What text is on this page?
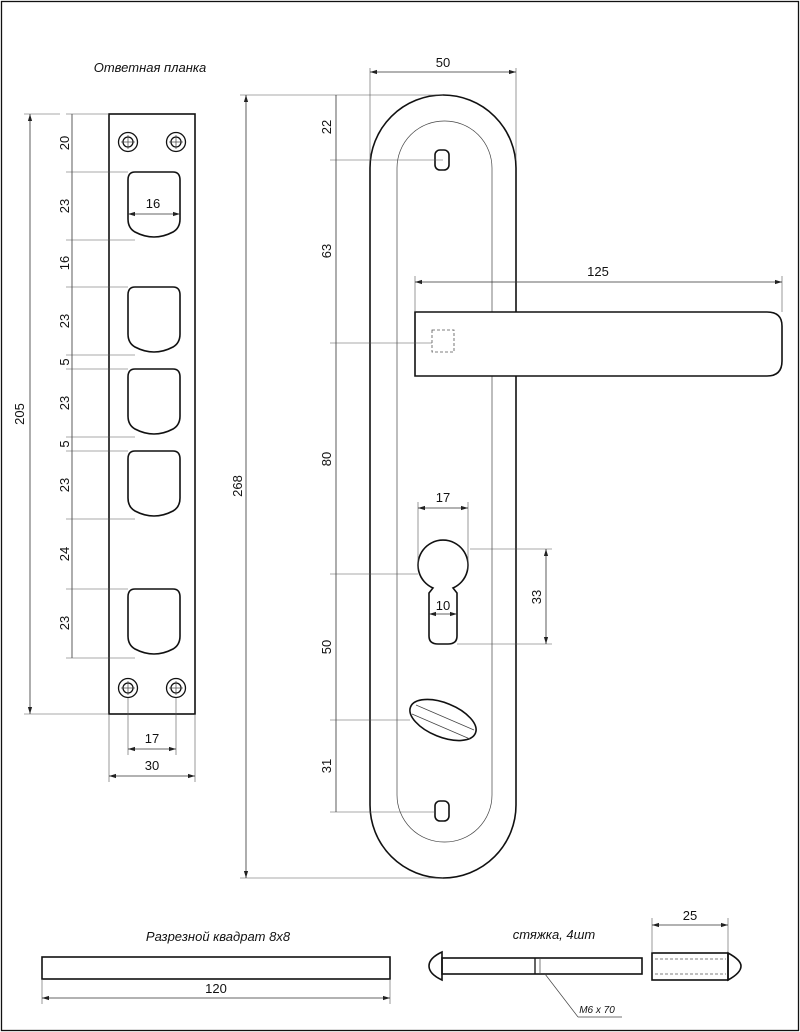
Ответная планка
16
20
23
16
23
5
23
5
23
24
23
205
17
30
50
268
22
63
80
50
31
125
17
10
33
Разрезной квадрат 8x8
120
стяжка, 4шт
М6 х 70
25
